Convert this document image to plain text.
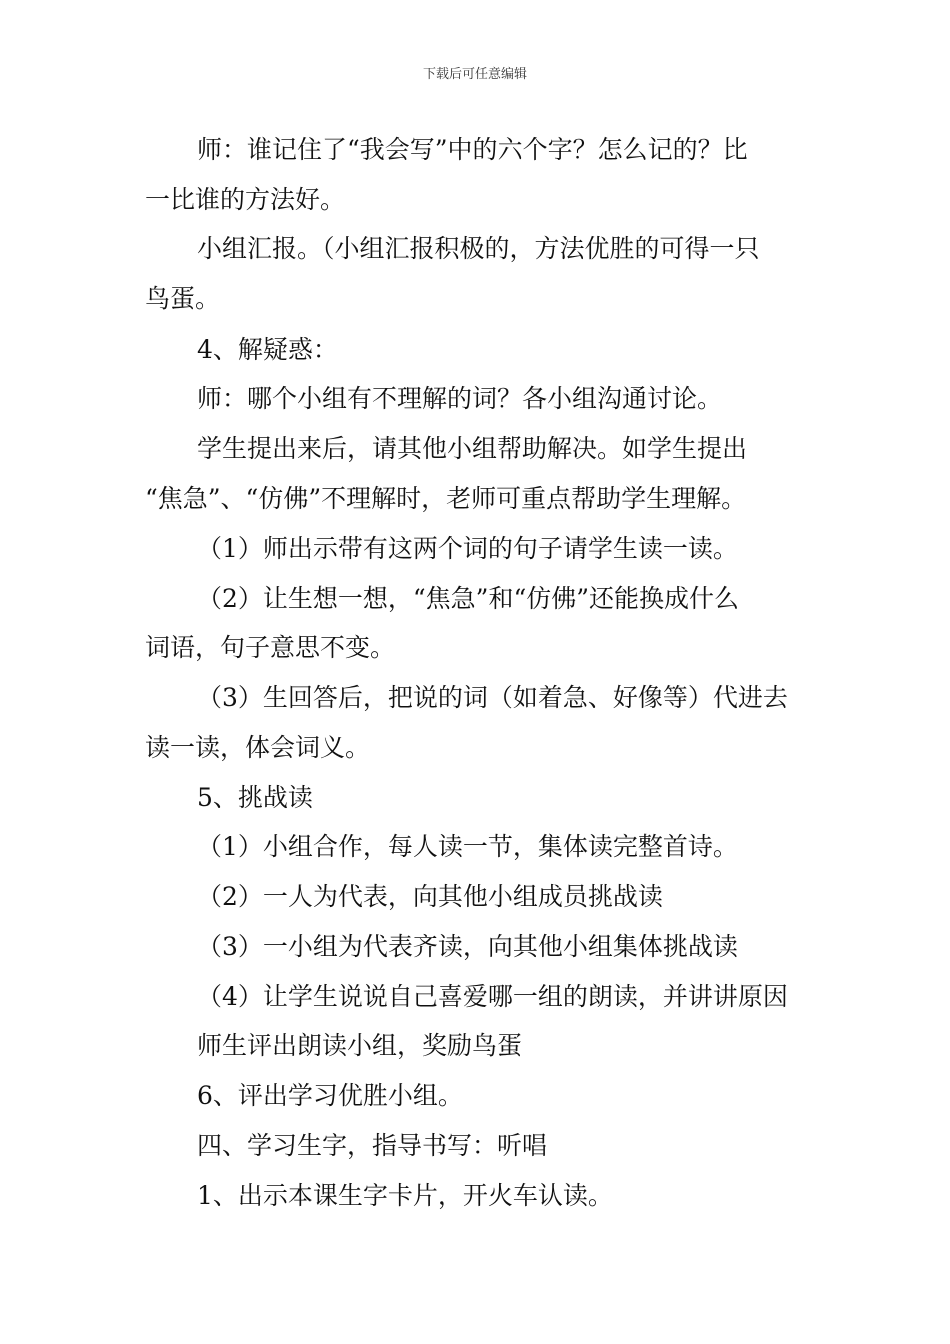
下载后可任意编辑
师：谁记住了“我会写”中的六个字？怎么记的？比
一比谁的方法好。
小组汇报。（小组汇报积极的，方法优胜的可得一只
鸟蛋。
4、解疑惑：
师：哪个小组有不理解的词？各小组沟通讨论。
学生提出来后，请其他小组帮助解决。如学生提出
“焦急”、“仿佛”不理解时，老师可重点帮助学生理解。
（1）师出示带有这两个词的句子请学生读一读。
（2）让生想一想，“焦急”和“仿佛”还能换成什么
词语，句子意思不变。
（3）生回答后，把说的词（如着急、好像等）代进去
读一读，体会词义。
5、挑战读
（1）小组合作，每人读一节，集体读完整首诗。
（2）一人为代表，向其他小组成员挑战读
（3）一小组为代表齐读，向其他小组集体挑战读
（4）让学生说说自己喜爱哪一组的朗读，并讲讲原因
师生评出朗读小组，奖励鸟蛋
6、评出学习优胜小组。
四、学习生字，指导书写：听唱
1、出示本课生字卡片，开火车认读。
